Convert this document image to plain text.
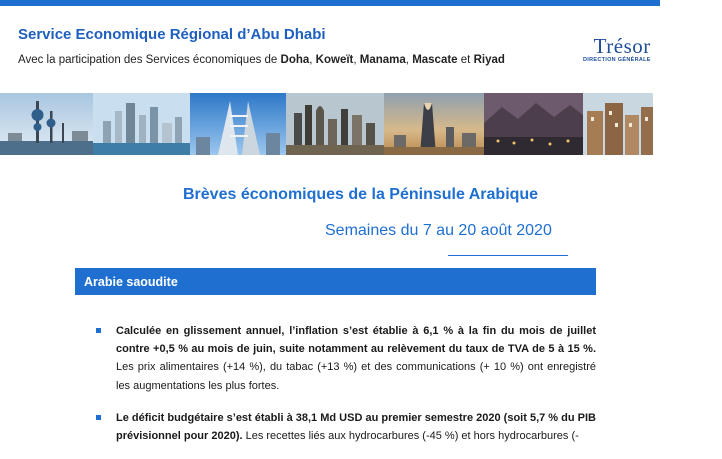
Service Economique Régional d’Abu Dhabi
Avec la participation des Services économiques de Doha, Koweït, Manama, Mascate et Riyad
Trésor
DIRECTION GÉNÉRALE
Brèves économiques de la Péninsule Arabique
Semaines du 7 au 20 août 2020
Arabie saoudite
Calculée en glissement annuel, l’inflation s’est établie à 6,1 % à la fin du mois de juillet contre +0,5 % au mois de juin, suite notamment au relèvement du taux de TVA de 5 à 15 %. Les prix alimentaires (+14 %), du tabac (+13 %) et des communications (+ 10 %) ont enregistré les augmentations les plus fortes.
Le déficit budgétaire s’est établi à 38,1 Md USD au premier semestre 2020 (soit 5,7 % du PIB prévisionnel pour 2020). Les recettes liés aux hydrocarbures (-45 %) et hors hydrocarbures (-
